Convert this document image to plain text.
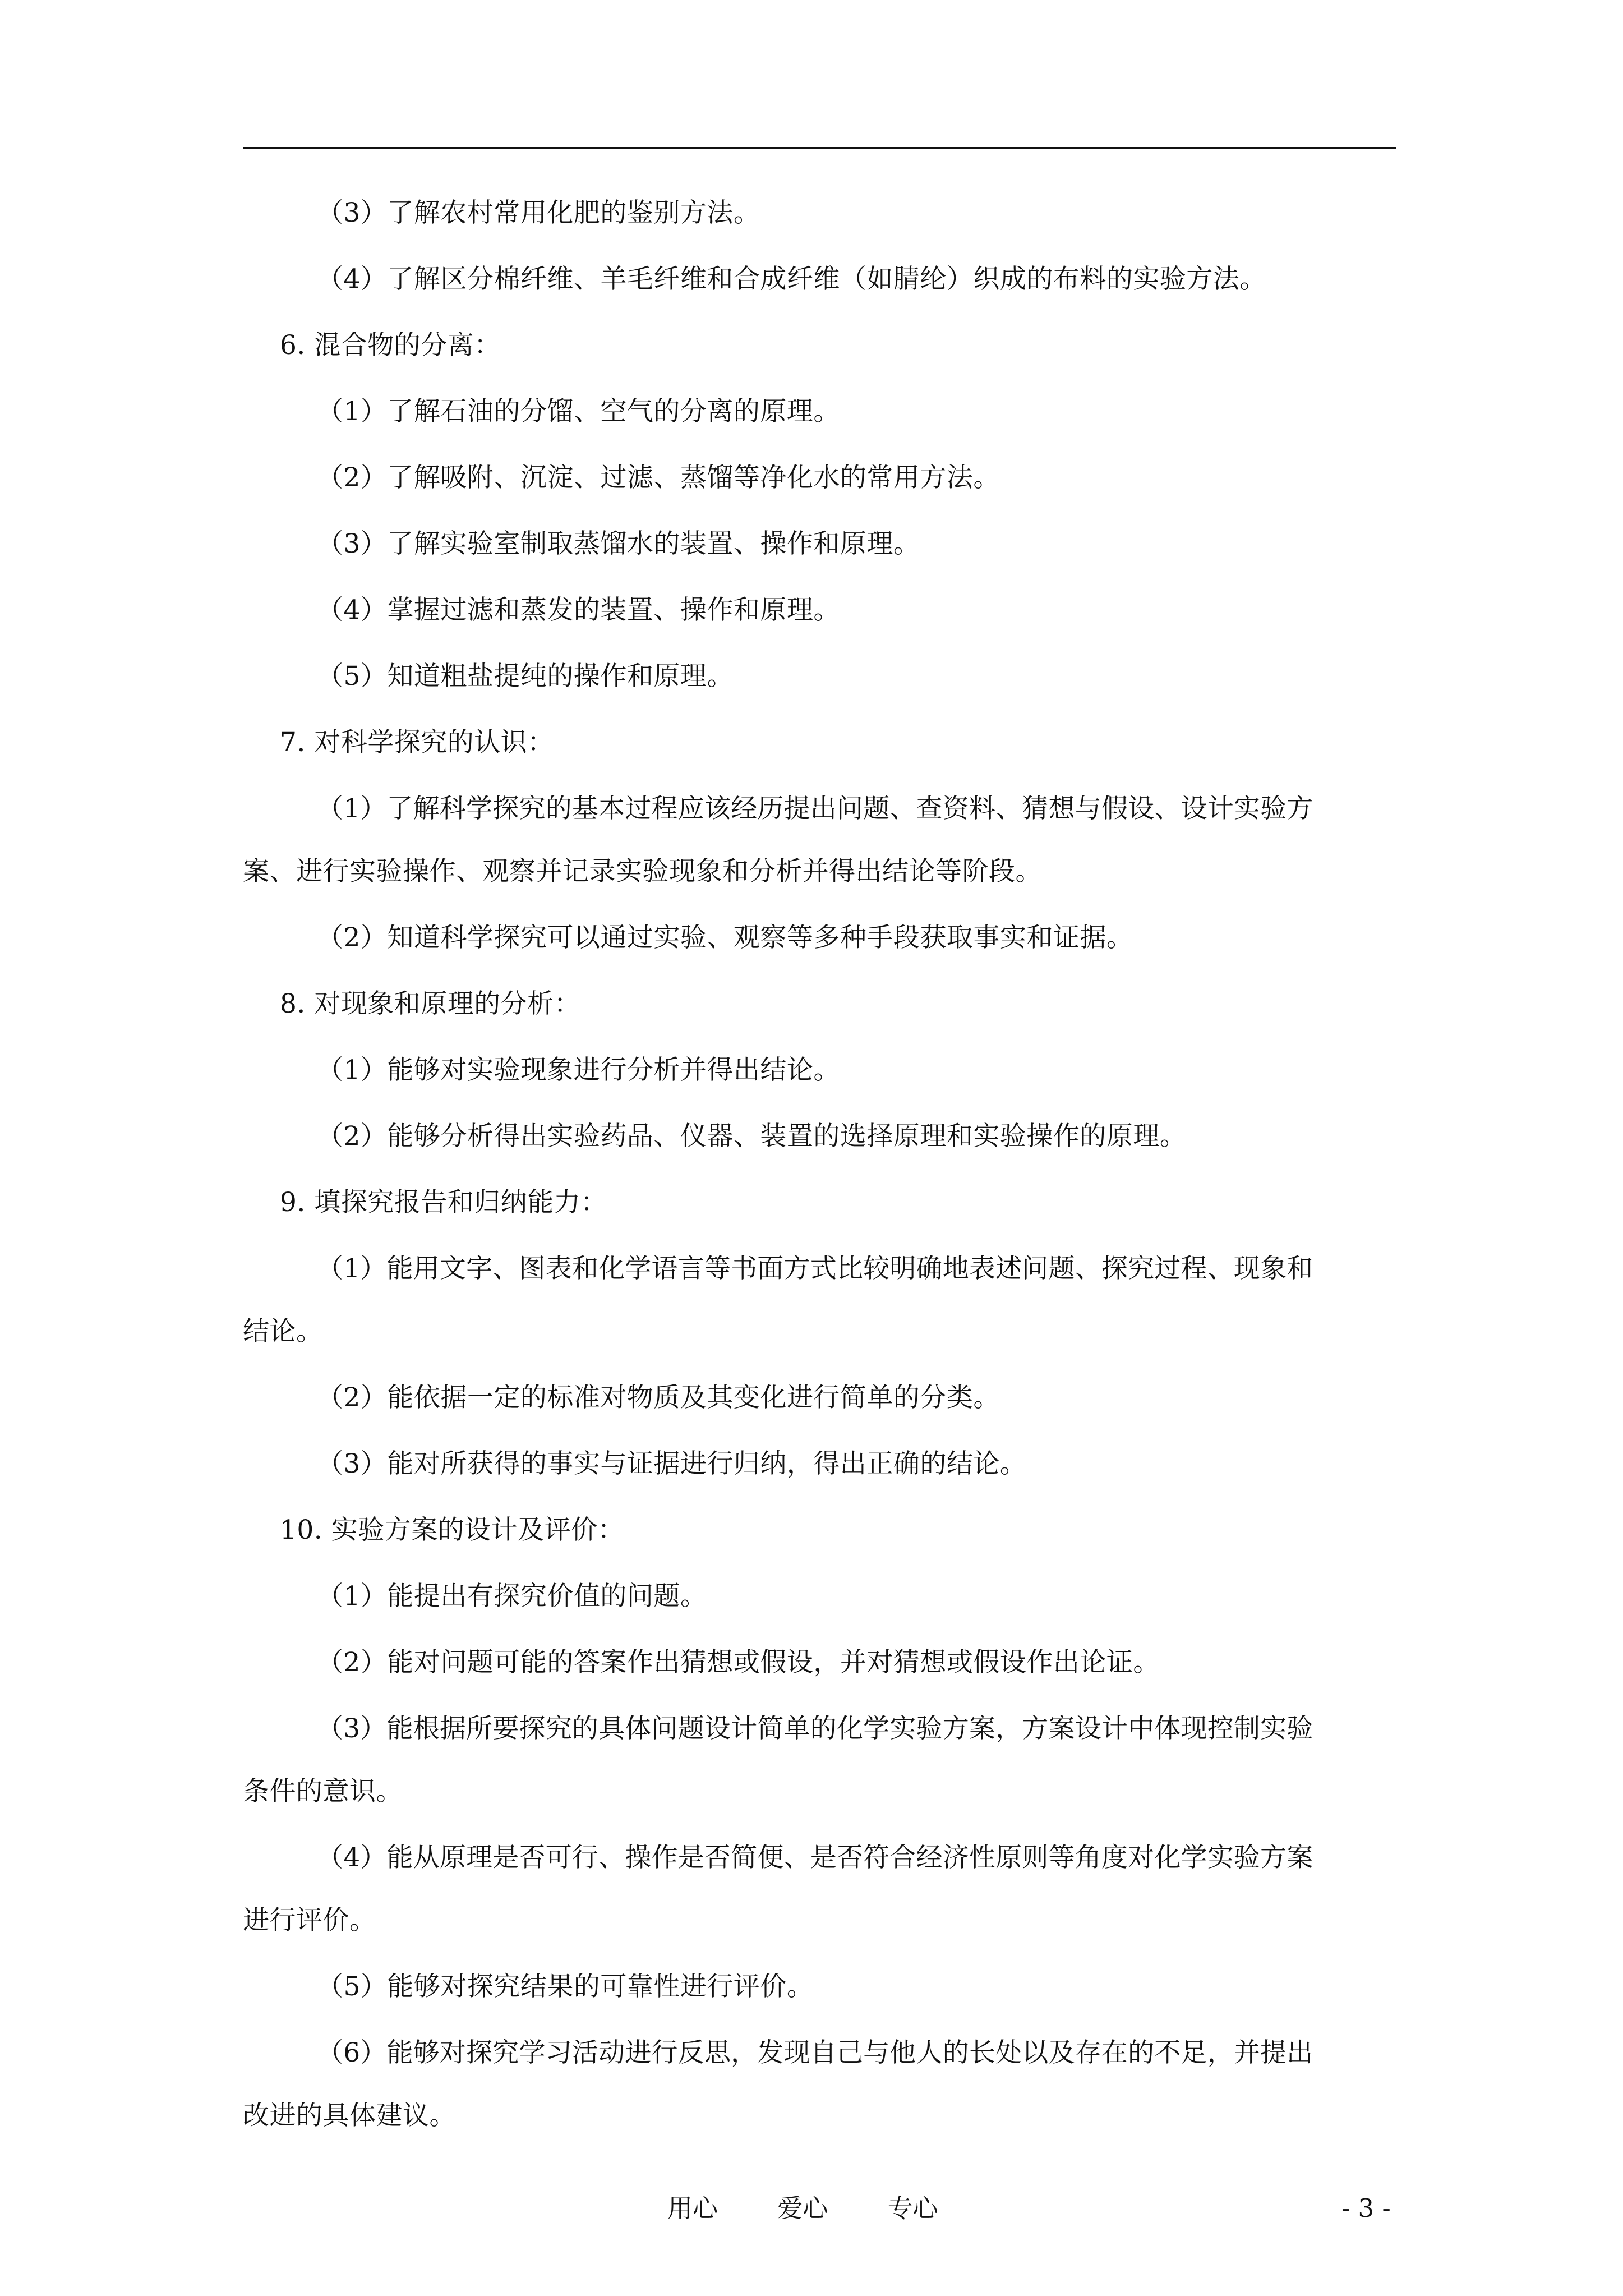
（3）了解农村常用化肥的鉴别方法。
（4）了解区分棉纤维、羊毛纤维和合成纤维（如腈纶）织成的布料的实验方法。
6. 混合物的分离：
（1）了解石油的分馏、空气的分离的原理。
（2）了解吸附、沉淀、过滤、蒸馏等净化水的常用方法。
（3）了解实验室制取蒸馏水的装置、操作和原理。
（4）掌握过滤和蒸发的装置、操作和原理。
（5）知道粗盐提纯的操作和原理。
7. 对科学探究的认识：
（1）了解科学探究的基本过程应该经历提出问题、查资料、猜想与假设、设计实验方
案、进行实验操作、观察并记录实验现象和分析并得出结论等阶段。
（2）知道科学探究可以通过实验、观察等多种手段获取事实和证据。
8. 对现象和原理的分析：
（1）能够对实验现象进行分析并得出结论。
（2）能够分析得出实验药品、仪器、装置的选择原理和实验操作的原理。
9. 填探究报告和归纳能力：
（1）能用文字、图表和化学语言等书面方式比较明确地表述问题、探究过程、现象和
结论。
（2）能依据一定的标准对物质及其变化进行简单的分类。
（3）能对所获得的事实与证据进行归纳，得出正确的结论。
10. 实验方案的设计及评价：
（1）能提出有探究价值的问题。
（2）能对问题可能的答案作出猜想或假设，并对猜想或假设作出论证。
（3）能根据所要探究的具体问题设计简单的化学实验方案，方案设计中体现控制实验
条件的意识。
（4）能从原理是否可行、操作是否简便、是否符合经济性原则等角度对化学实验方案
进行评价。
（5）能够对探究结果的可靠性进行评价。
（6）能够对探究学习活动进行反思，发现自己与他人的长处以及存在的不足，并提出
改进的具体建议。
用心 爱心 专心	- 3 -
